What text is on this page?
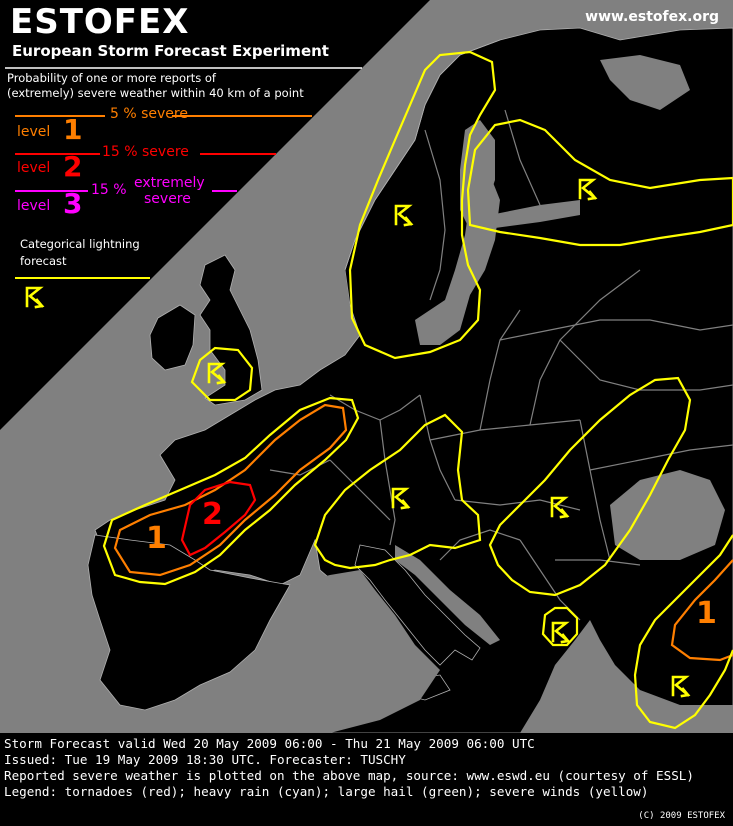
ESTOFEX
European Storm Forecast Experiment
www.estofex.org
Probability of one or more reports of
(extremely) severe weather within 40 km of a point
5 % severe
level 1
15 % severe
level 2
15 % extremely
severe
level 3
Categorical lightning
forecast
1
2
1
Storm Forecast valid Wed 20 May 2009 06:00 - Thu 21 May 2009 06:00 UTC
Issued: Tue 19 May 2009 18:30 UTC. Forecaster: TUSCHY
Reported severe weather is plotted on the above map, source: www.eswd.eu (courtesy of ESSL)
Legend: tornadoes (red); heavy rain (cyan); large hail (green); severe winds (yellow)
(C) 2009 ESTOFEX
